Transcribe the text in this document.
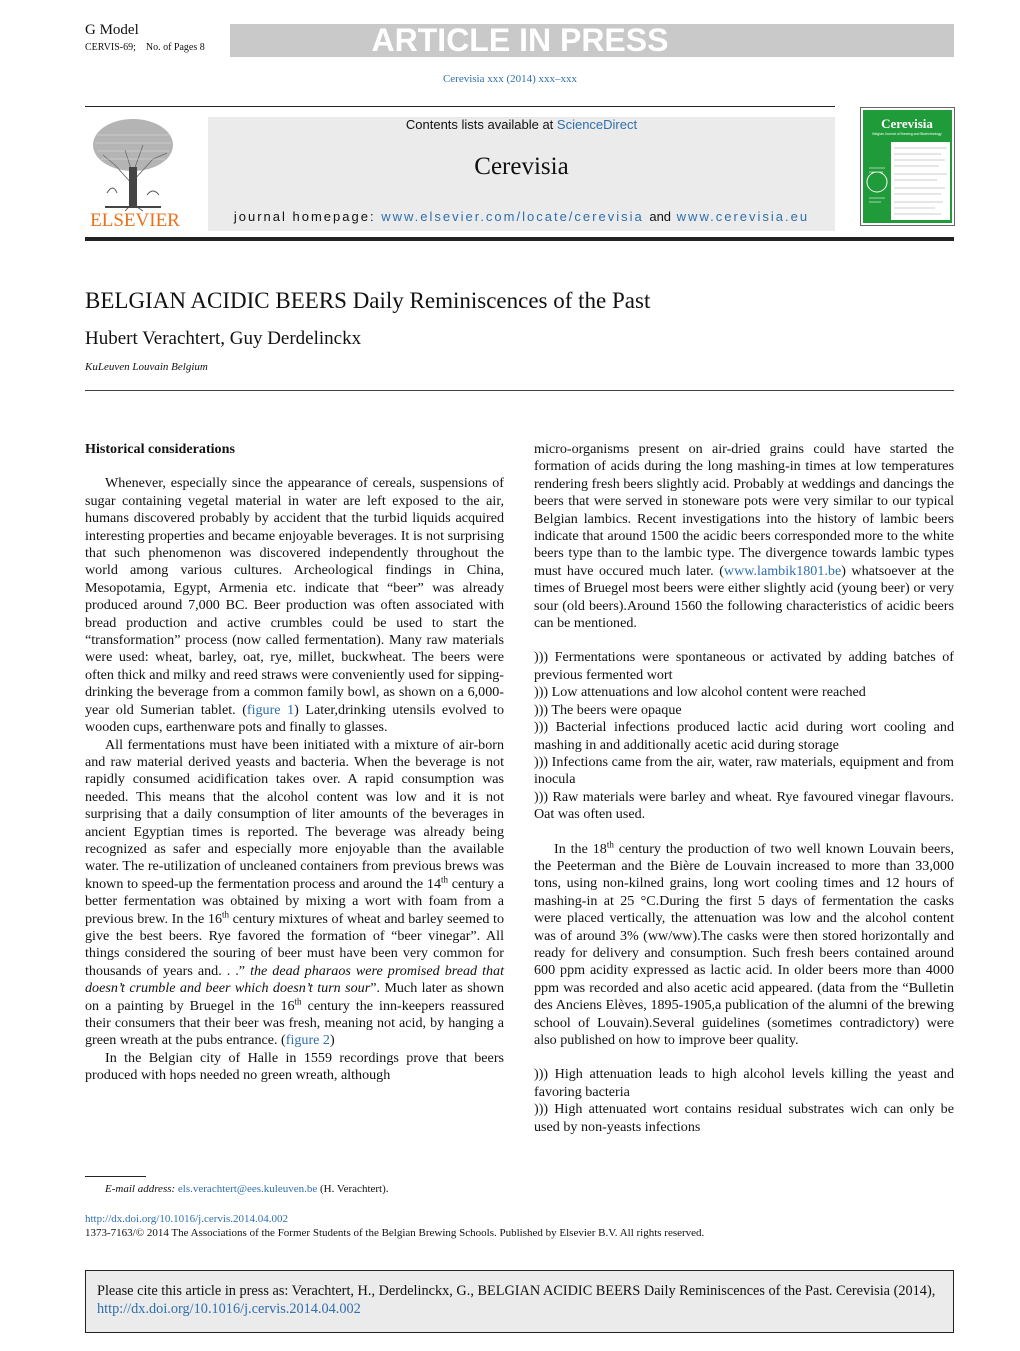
G Model
CERVIS-69; No. of Pages 8	ARTICLE IN PRESS
Cerevisia xxx (2014) xxx–xxx
ELSEVIER
Contents lists available at ScienceDirect
Cerevisia
journal homepage: www.elsevier.com/locate/cerevisia and www.cerevisia.eu
Cerevisia
Belgian Journal of Brewing and Biotechnology
BELGIAN ACIDIC BEERS Daily Reminiscences of the Past
Hubert Verachtert, Guy Derdelinckx
KuLeuven Louvain Belgium

Historical considerations

Whenever, especially since the appearance of cereals, suspensions of sugar containing vegetal material in water are left exposed to the air, humans discovered probably by accident that the turbid liquids acquired interesting properties and became enjoyable beverages. It is not surprising that such phenomenon was discovered independently throughout the world among various cultures. Archeological findings in China, Mesopotamia, Egypt, Armenia etc. indicate that “beer” was already produced around 7,000 BC. Beer production was often associated with bread production and active crumbles could be used to start the “transformation” process (now called fermentation). Many raw materials were used: wheat, barley, oat, rye, millet, buckwheat. The beers were often thick and milky and reed straws were conveniently used for sipping-drinking the beverage from a common family bowl, as shown on a 6,000-year old Sumerian tablet. (figure 1) Later,drinking utensils evolved to wooden cups, earthenware pots and finally to glasses.

All fermentations must have been initiated with a mixture of air-born and raw material derived yeasts and bacteria. When the beverage is not rapidly consumed acidification takes over. A rapid consumption was needed. This means that the alcohol content was low and it is not surprising that a daily consumption of liter amounts of the beverages in ancient Egyptian times is reported. The beverage was already being recognized as safer and especially more enjoyable than the available water. The re-utilization of uncleaned containers from previous brews was known to speed-up the fermentation process and around the 14th century a better fermentation was obtained by mixing a wort with foam from a previous brew. In the 16th century mixtures of wheat and barley seemed to give the best beers. Rye favored the formation of “beer vinegar”. All things considered the souring of beer must have been very common for thousands of years and. . .” the dead pharaos were promised bread that doesn’t crumble and beer which doesn’t turn sour”. Much later as shown on a painting by Bruegel in the 16th century the inn-keepers reassured their consumers that their beer was fresh, meaning not acid, by hanging a green wreath at the pubs entrance. (figure 2)

In the Belgian city of Halle in 1559 recordings prove that beers produced with hops needed no green wreath, although

micro-organisms present on air-dried grains could have started the formation of acids during the long mashing-in times at low temperatures rendering fresh beers slightly acid. Probably at weddings and dancings the beers that were served in stoneware pots were very similar to our typical Belgian lambics. Recent investigations into the history of lambic beers indicate that around 1500 the acidic beers corresponded more to the white beers type than to the lambic type. The divergence towards lambic types must have occured much later. (www.lambik1801.be) whatsoever at the times of Bruegel most beers were either slightly acid (young beer) or very sour (old beers).Around 1560 the following characteristics of acidic beers can be mentioned.

))) Fermentations were spontaneous or activated by adding batches of previous fermented wort
))) Low attenuations and low alcohol content were reached
))) The beers were opaque
))) Bacterial infections produced lactic acid during wort cooling and mashing in and additionally acetic acid during storage
))) Infections came from the air, water, raw materials, equipment and from inocula
))) Raw materials were barley and wheat. Rye favoured vinegar flavours. Oat was often used.

In the 18th century the production of two well known Louvain beers, the Peeterman and the Bière de Louvain increased to more than 33,000 tons, using non-kilned grains, long wort cooling times and 12 hours of mashing-in at 25 °C.During the first 5 days of fermentation the casks were placed vertically, the attenuation was low and the alcohol content was of around 3% (ww/ww).The casks were then stored horizontally and ready for delivery and consumption. Such fresh beers contained around 600 ppm acidity expressed as lactic acid. In older beers more than 4000 ppm was recorded and also acetic acid appeared. (data from the “Bulletin des Anciens Elèves, 1895-1905,a publication of the alumni of the brewing school of Louvain).Several guidelines (sometimes contradictory) were also published on how to improve beer quality.

))) High attenuation leads to high alcohol levels killing the yeast and favoring bacteria
))) High attenuated wort contains residual substrates wich can only be used by non-yeasts infections
E-mail address: els.verachtert@ees.kuleuven.be (H. Verachtert).
http://dx.doi.org/10.1016/j.cervis.2014.04.002
1373-7163/© 2014 The Associations of the Former Students of the Belgian Brewing Schools. Published by Elsevier B.V. All rights reserved.
Please cite this article in press as: Verachtert, H., Derdelinckx, G., BELGIAN ACIDIC BEERS Daily Reminiscences of the Past. Cerevisia (2014), http://dx.doi.org/10.1016/j.cervis.2014.04.002
